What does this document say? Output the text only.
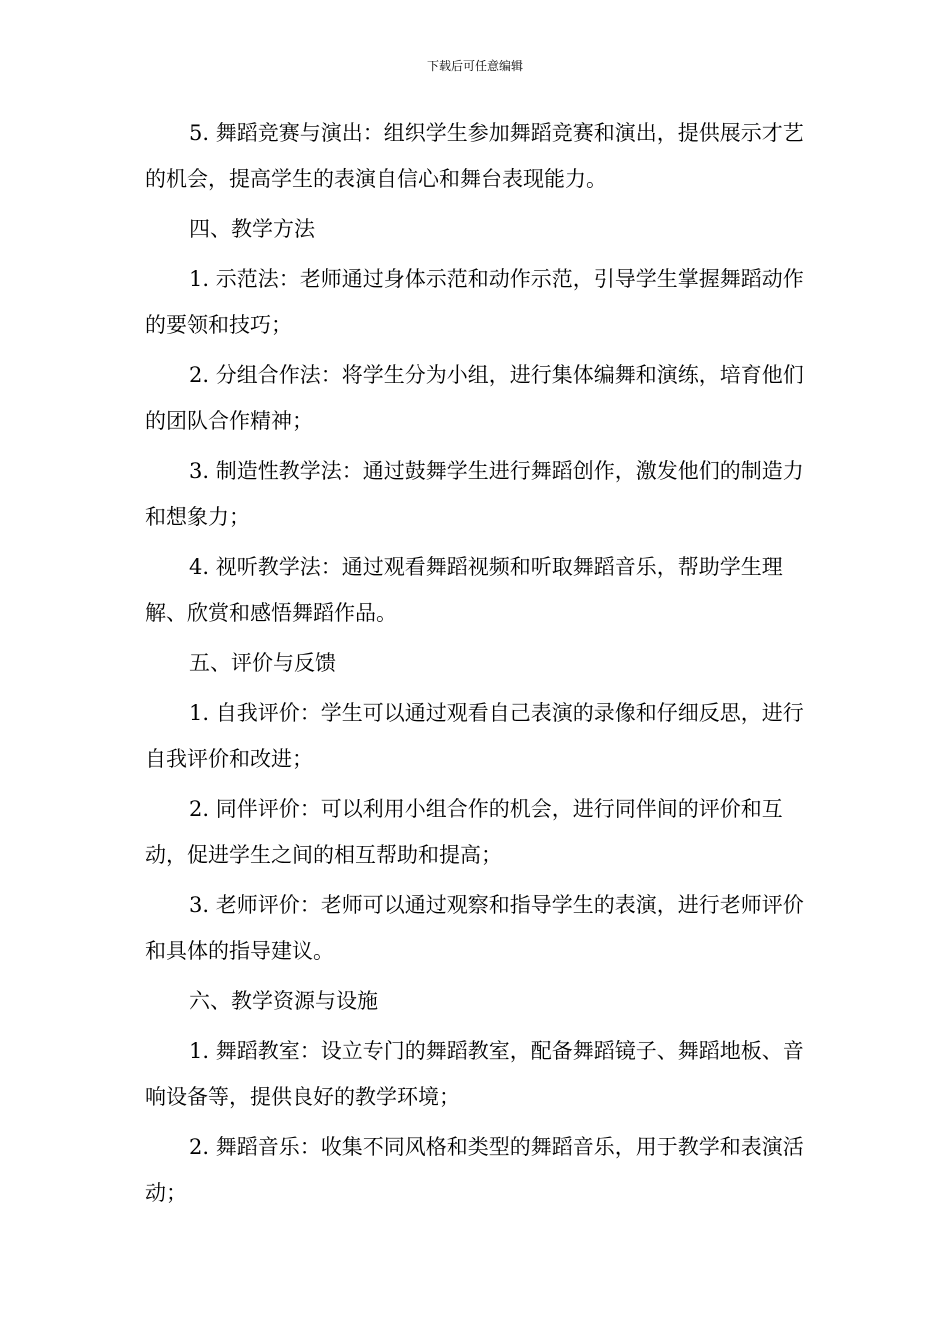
下载后可任意编辑

5. 舞蹈竞赛与演出：组织学生参加舞蹈竞赛和演出，提供展示才艺的机会，提高学生的表演自信心和舞台表现能力。

四、教学方法

1. 示范法：老师通过身体示范和动作示范，引导学生掌握舞蹈动作的要领和技巧；

2. 分组合作法：将学生分为小组，进行集体编舞和演练，培育他们的团队合作精神；

3. 制造性教学法：通过鼓舞学生进行舞蹈创作，激发他们的制造力和想象力；

4. 视听教学法：通过观看舞蹈视频和听取舞蹈音乐，帮助学生理解、欣赏和感悟舞蹈作品。

五、评价与反馈

1. 自我评价：学生可以通过观看自己表演的录像和仔细反思，进行自我评价和改进；

2. 同伴评价：可以利用小组合作的机会，进行同伴间的评价和互动，促进学生之间的相互帮助和提高；

3. 老师评价：老师可以通过观察和指导学生的表演，进行老师评价和具体的指导建议。

六、教学资源与设施

1. 舞蹈教室：设立专门的舞蹈教室，配备舞蹈镜子、舞蹈地板、音响设备等，提供良好的教学环境；

2. 舞蹈音乐：收集不同风格和类型的舞蹈音乐，用于教学和表演活动；
